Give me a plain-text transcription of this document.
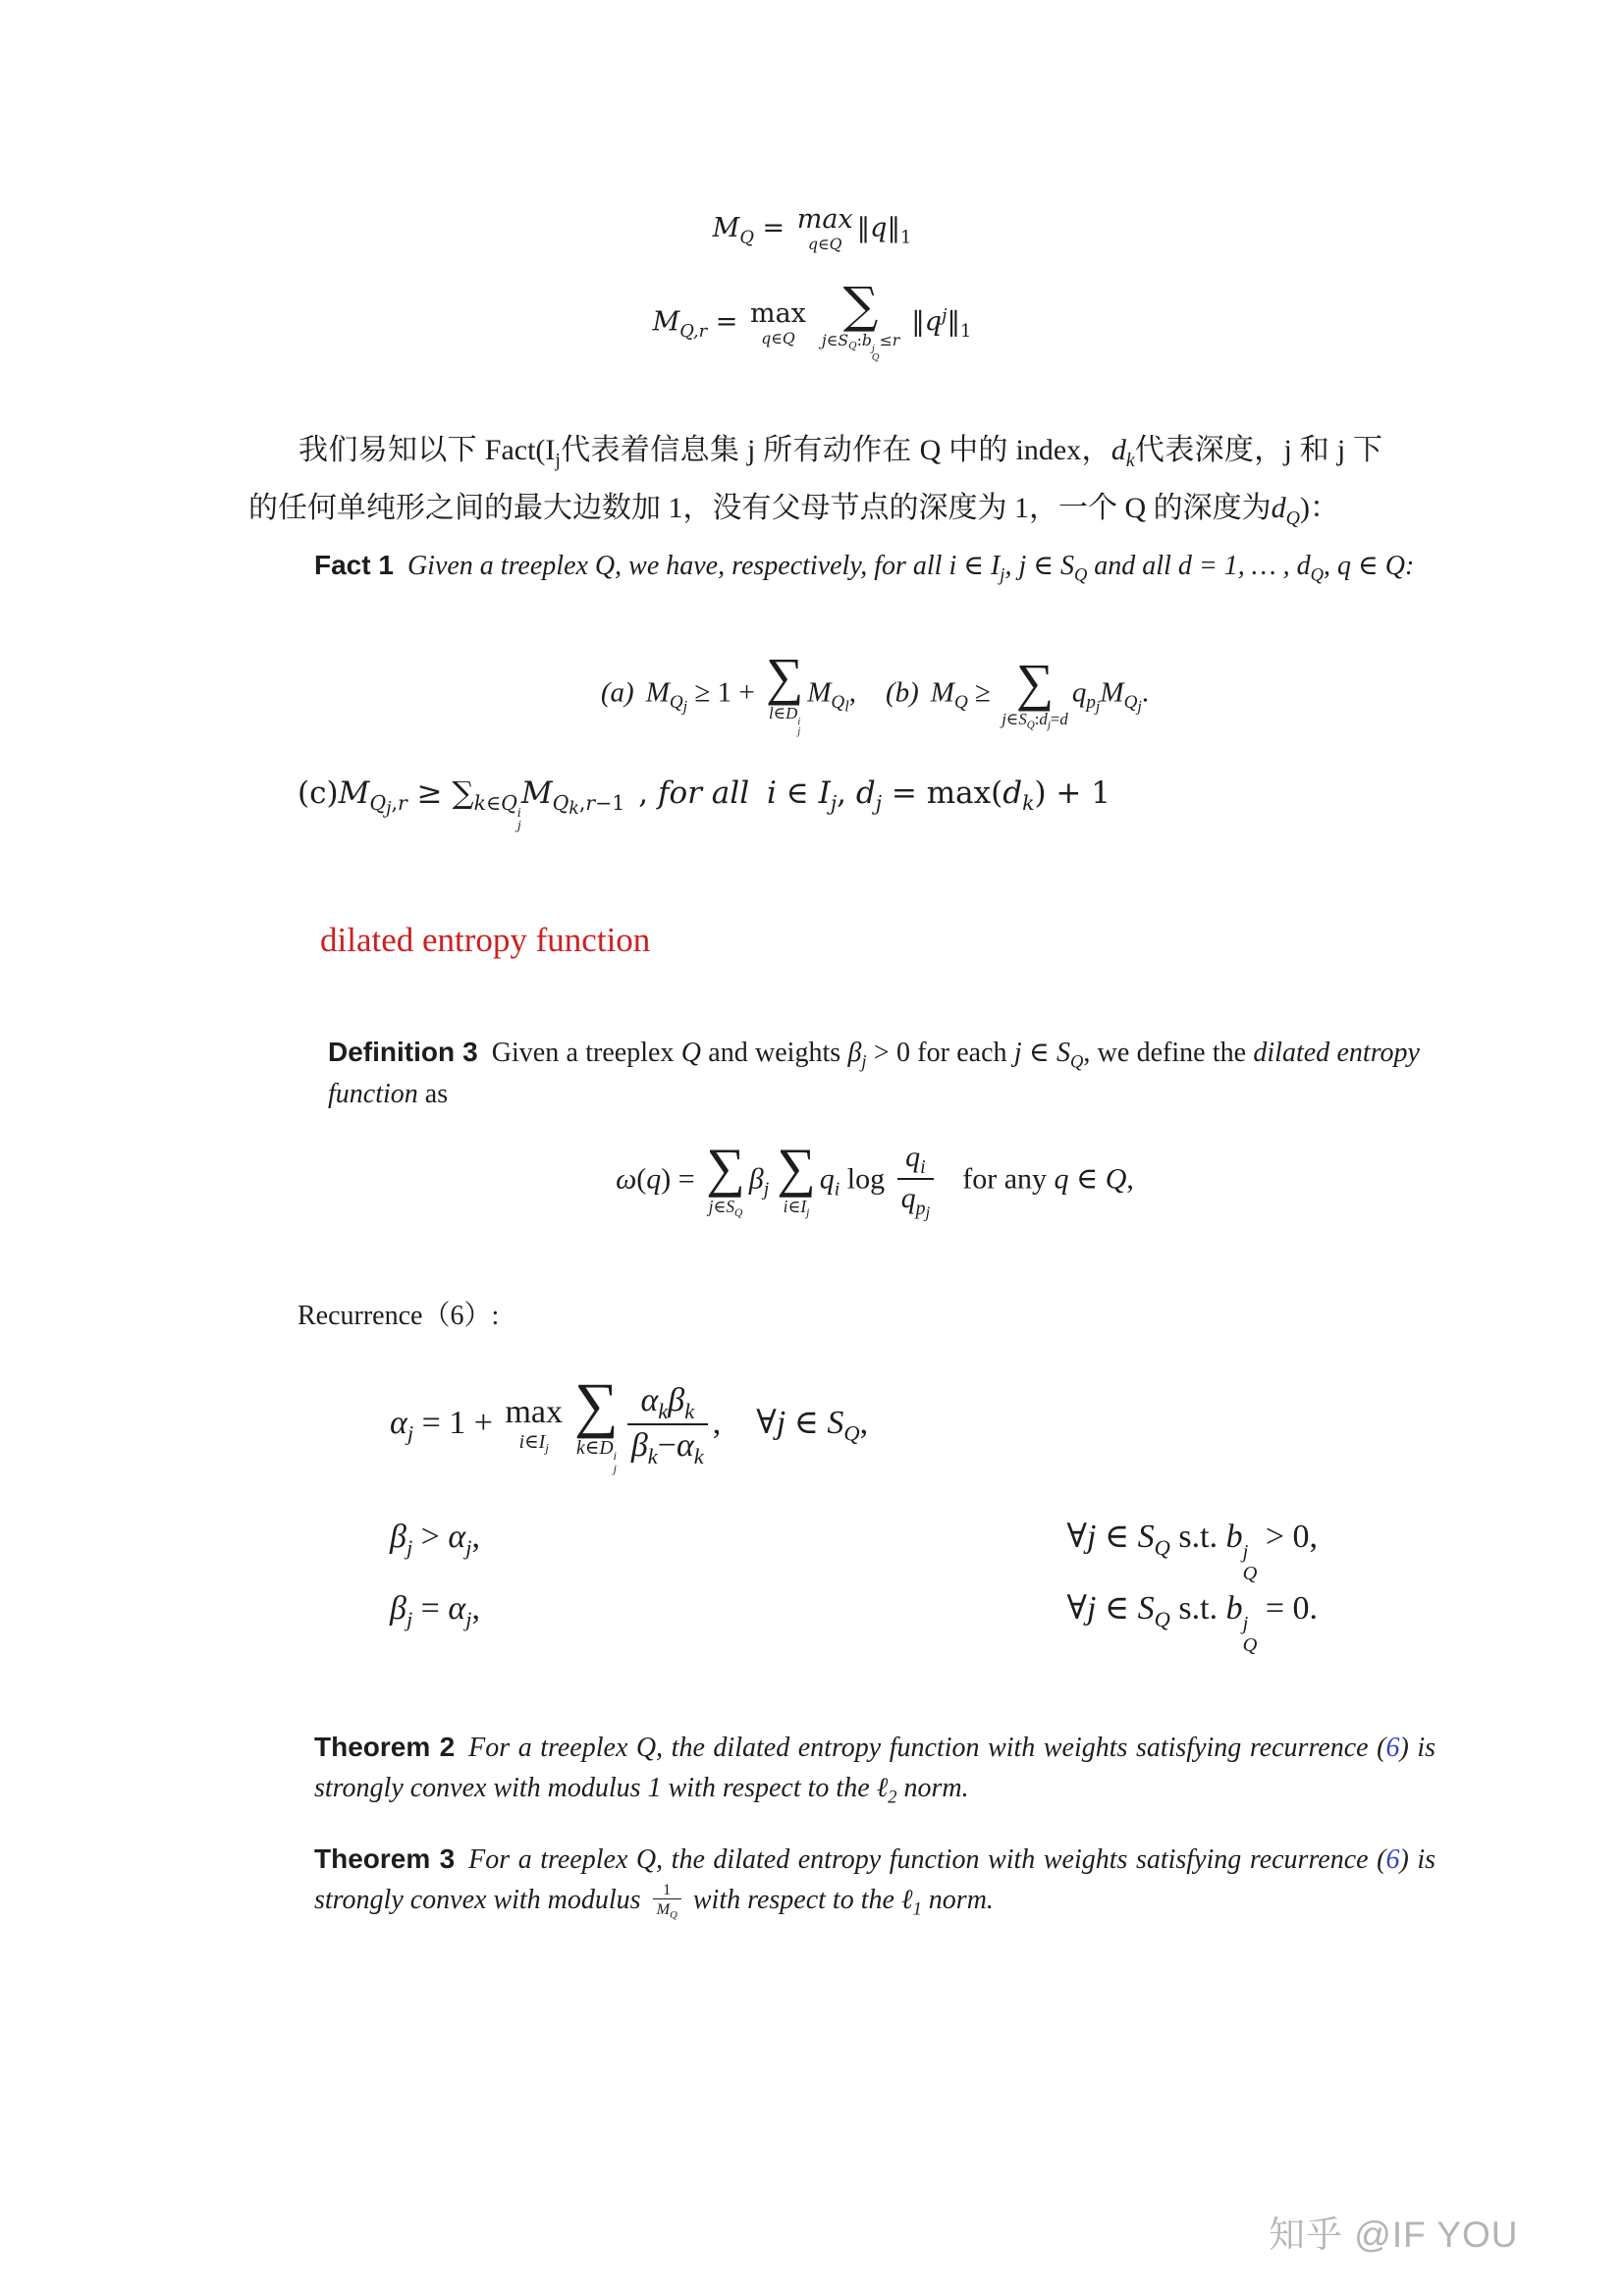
$M_Q = \max$
q∈Q
$‖q‖_1$
$M_{Q,r} = \max$
q∈Q
∑
$j\in S_Q:b$ j
Q
≤r
$‖q^j‖_1$
我们易知以下 $Fact(I_j$代表着信息集 j 所有动作在 Q 中的 index，$d_k$代表深度，j 和 j 下的任何单纯形之间的最大边数加 1，没有父母节点的深度为 1，一个 Q 的深度为$d_Q$)：
Fact 1 Given a treeplex Q, we have, respectively, for all i ∈ $I_j$, j ∈ $S_Q$ and all d = 1, … , $d_Q$, q ∈ Q:
(a) $M_{Qj} \ge 1$ + ∑
l∈D i
j
$M_{Ql}$, (b) $M_Q$ ≥ ∑
$j\in S_Q:d_j=d$
$q_{pj}M_{Qj}$.
$(c)M_{Qj,r} \ge \sum_{k\in Q i j}$
$M_{Qk,r-1}$ , for all i ∈ $I_j$, $d_j = \max(d_k) + 1$
dilated entropy function
Definition 3 Given a treeplex Q and weights $\beta_j > 0$ for each j ∈ $S_Q$, we define the dilated entropy function as
ω(q) = ∑
$j\in S_Q$
$\beta_j$ ∑
$i\in I_j$
$q_i$ log
$q_i$
$q_{pj}$
for any q ∈ Q,
Recurrence（6）:
$\alpha_j = 1 + \max$
$i\in I_j$
∑
k∈D i
j
$\alpha_k\beta_k$
$\beta_k-\alpha_k$
, ∀j ∈ $S_Q$,
$\beta_j > \alpha_j$,	∀j ∈ $S_Q$ s.t. b j
Q
> 0,
$\beta_j = \alpha_j$,	∀j ∈ $S_Q$ s.t. b j
Q
= 0.
Theorem 2 For a treeplex Q, the dilated entropy function with weights satisfying recurrence (6) is strongly convex with modulus 1 with respect to the ℓ$_2$ norm.
Theorem 3 For a treeplex Q, the dilated entropy function with weights satisfying recurrence (6) is strongly convex with modulus $\frac{1}{M_Q}$ with respect to the ℓ$_1$ norm.
知乎 @IF YOU
